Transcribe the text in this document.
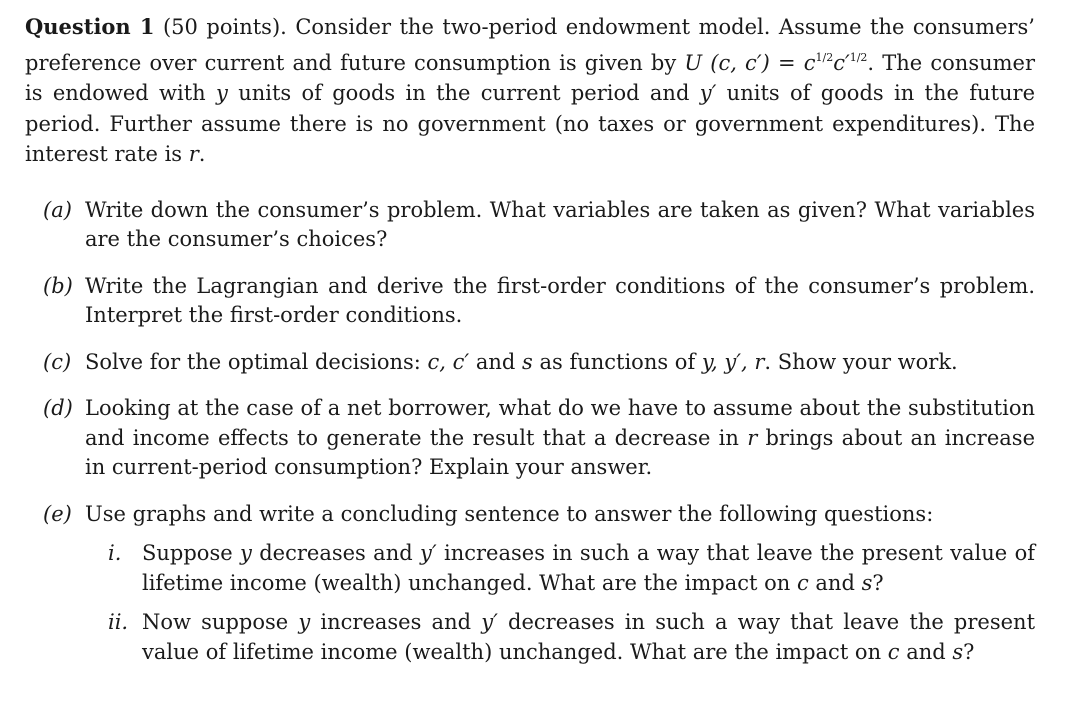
Question 1 (50 points). Consider the two-period endowment model. Assume the consumers’ preference over current and future consumption is given by U (c, $c') = c^{1/2}c'^{1/2}$. The consumer is endowed with y units of goods in the current period and y′ units of goods in the future period. Further assume there is no government (no taxes or government expenditures). The interest rate is r.

(a) Write down the consumer’s problem. What variables are taken as given? What variables are the consumer’s choices?
(b) Write the Lagrangian and derive the first-order conditions of the consumer’s problem. Interpret the first-order conditions.
(c) Solve for the optimal decisions: c, c′ and s as functions of y, y′, r. Show your work.
(d) Looking at the case of a net borrower, what do we have to assume about the substitution and income effects to generate the result that a decrease in r brings about an increase in current-period consumption? Explain your answer.
(e) Use graphs and write a concluding sentence to answer the following questions:
i. Suppose y decreases and y′ increases in such a way that leave the present value of lifetime income (wealth) unchanged. What are the impact on c and s?
ii. Now suppose y increases and y′ decreases in such a way that leave the present value of lifetime income (wealth) unchanged. What are the impact on c and s?
